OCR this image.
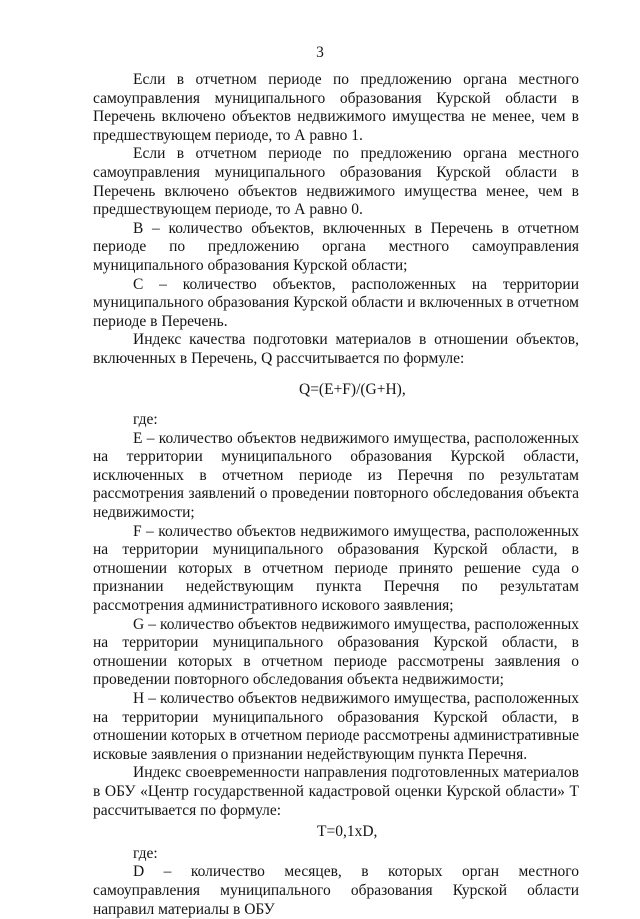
3

Если в отчетном периоде по предложению органа местного самоуправления муниципального образования Курской области в Перечень включено объектов недвижимого имущества не менее, чем в предшествующем периоде, то А равно 1.

Если в отчетном периоде по предложению органа местного самоуправления муниципального образования Курской области в Перечень включено объектов недвижимого имущества менее, чем в предшествующем периоде, то А равно 0.

В – количество объектов, включенных в Перечень в отчетном периоде по предложению органа местного самоуправления муниципального образования Курской области;

С – количество объектов, расположенных на территории муниципального образования Курской области и включенных в отчетном периоде в Перечень.

Индекс качества подготовки материалов в отношении объектов, включенных в Перечень, Q рассчитывается по формуле:

Q=(E+F)/(G+H),

где:

E – количество объектов недвижимого имущества, расположенных на территории муниципального образования Курской области, исключенных в отчетном периоде из Перечня по результатам рассмотрения заявлений о проведении повторного обследования объекта недвижимости;

F – количество объектов недвижимого имущества, расположенных на территории муниципального образования Курской области, в отношении которых в отчетном периоде принято решение суда о признании недействующим пункта Перечня по результатам рассмотрения административного искового заявления;

G – количество объектов недвижимого имущества, расположенных на территории муниципального образования Курской области, в отношении которых в отчетном периоде рассмотрены заявления о проведении повторного обследования объекта недвижимости;

H – количество объектов недвижимого имущества, расположенных на территории муниципального образования Курской области, в отношении которых в отчетном периоде рассмотрены административные исковые заявления о признании недействующим пункта Перечня.

Индекс своевременности направления подготовленных материалов в ОБУ «Центр государственной кадастровой оценки Курской области» Т рассчитывается по формуле:

Т=0,1хD,

где:

D – количество месяцев, в которых орган местного самоуправления муниципального образования Курской области направил материалы в ОБУ
